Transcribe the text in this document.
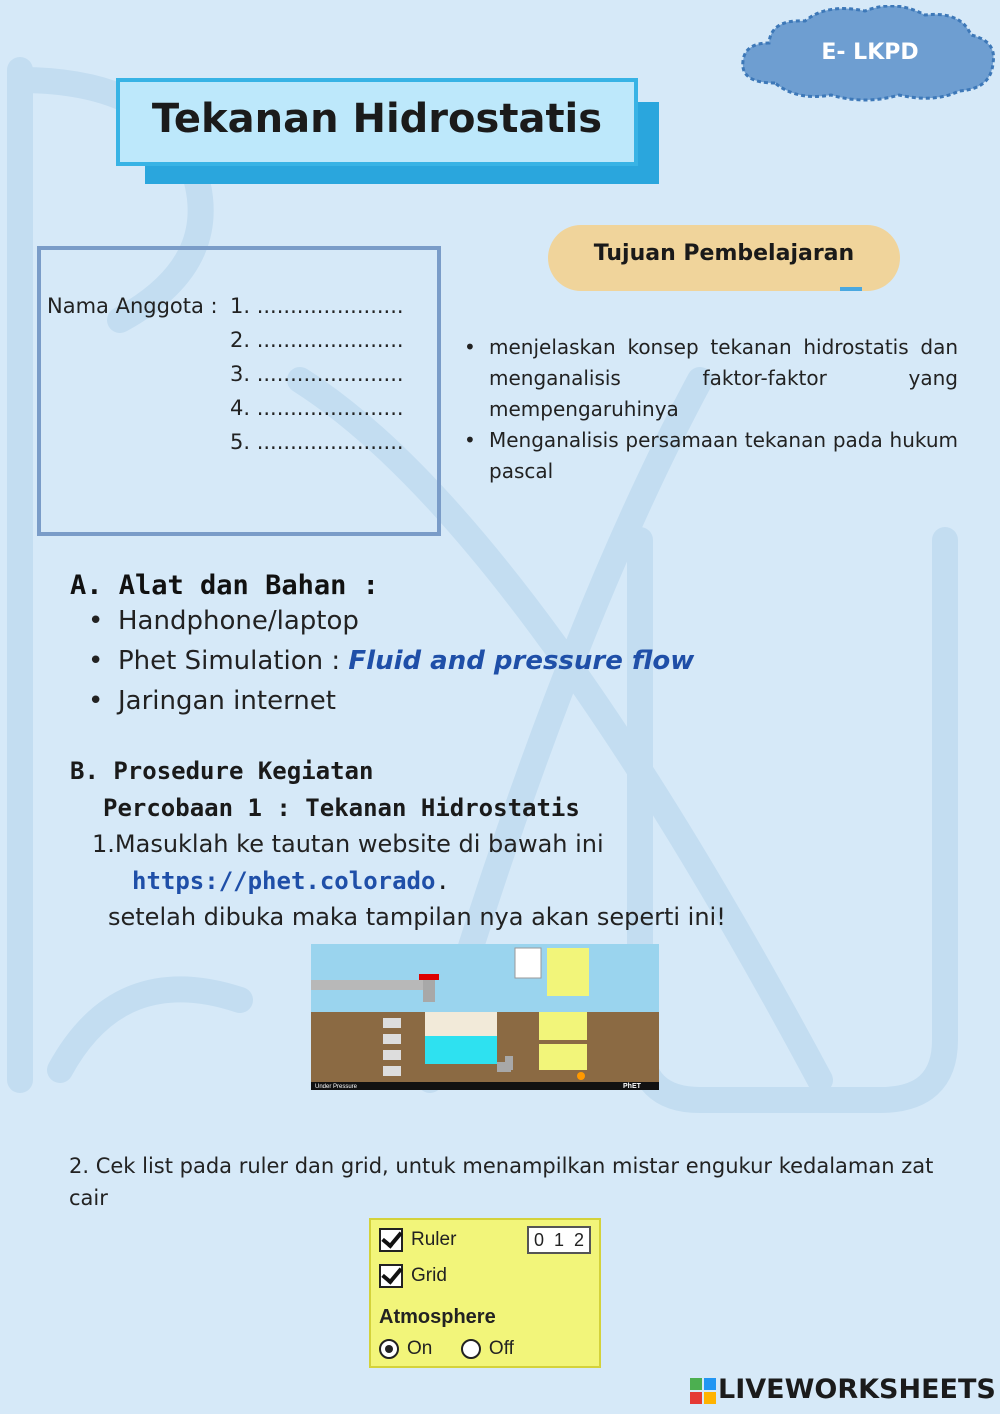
E- LKPD
Tekanan Hidrostatis
Nama Anggota : 1. ......................
2. ......................
3. ......................
4. ......................
5. ......................
Tujuan Pembelajaran
• menjelaskan konsep tekanan hidrostatis dan menganalisis faktor-faktor yang mempengaruhinya
• Menganalisis persamaan tekanan pada hukum pascal
A. Alat dan Bahan :
• Handphone/laptop
• Phet Simulation : Fluid and pressure flow
• Jaringan internet
B. Prosedure Kegiatan
Percobaan 1 : Tekanan Hidrostatis
1.Masuklah ke tautan website di bawah ini
https://phet.colorado.
setelah dibuka maka tampilan nya akan seperti ini!
Under Pressure	PhET
2. Cek list pada ruler dan grid, untuk menampilkan mistar engukur kedalaman zat cair
Ruler	0 1 2
Grid
Atmosphere
On	Off
LIVEWORKSHEETS
